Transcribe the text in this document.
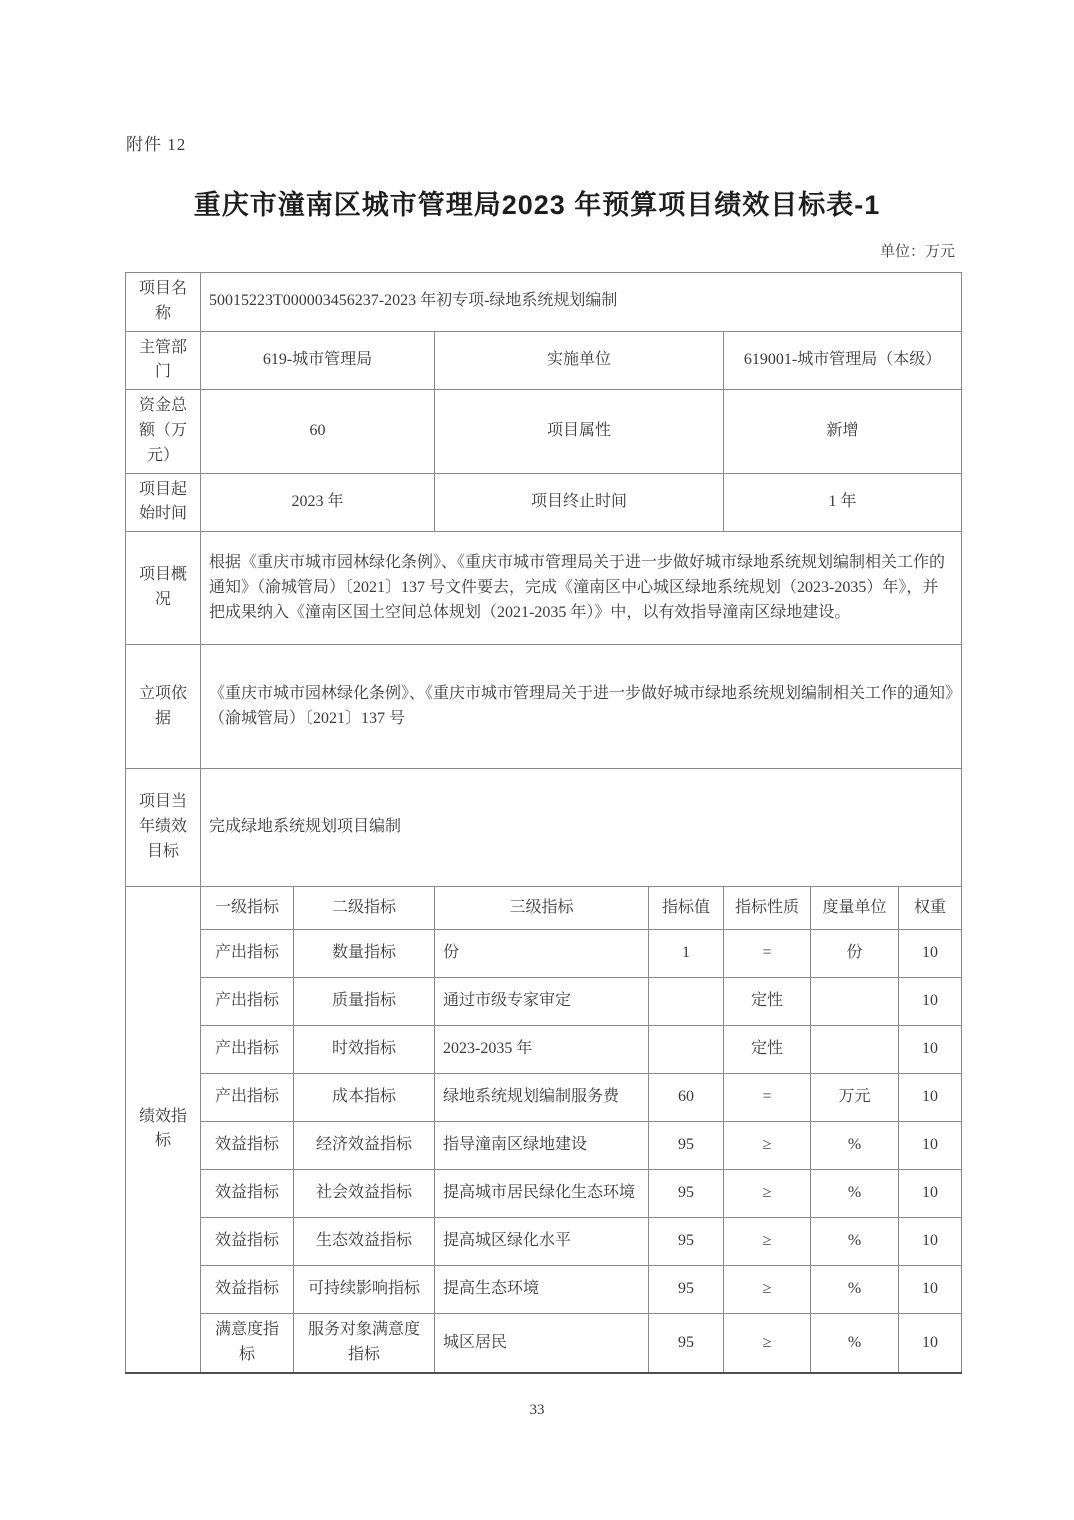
附件 12
重庆市潼南区城市管理局2023 年预算项目绩效目标表-1
单位：万元
项目名称	50015223T000003456237-2023 年初专项-绿地系统规划编制						
主管部门	619-城市管理局		实施单位		619001-城市管理局（本级）		
资金总额（万元）	60		项目属性		新增		
项目起始时间	2023 年		项目终止时间		1 年		
项目概况	根据《重庆市城市园林绿化条例》、《重庆市城市管理局关于进一步做好城市绿地系统规划编制相关工作的通知》（渝城管局）〔2021〕137 号文件要去，完成《潼南区中心城区绿地系统规划（2023-2035）年》，并把成果纳入《潼南区国土空间总体规划（2021-2035 年）》中，以有效指导潼南区绿地建设。						
立项依据	《重庆市城市园林绿化条例》、《重庆市城市管理局关于进一步做好城市绿地系统规划编制相关工作的通知》（渝城管局）〔2021〕137 号						
项目当年绩效目标	完成绿地系统规划项目编制						
绩效指标	一级指标	二级指标	三级指标	指标值	指标性质	度量单位	权重
	产出指标	数量指标	份	1	=	份	10
	产出指标	质量指标	通过市级专家审定		定性		10
	产出指标	时效指标	2023-2035 年		定性		10
	产出指标	成本指标	绿地系统规划编制服务费	60	=	万元	10
	效益指标	经济效益指标	指导潼南区绿地建设	95	≥	%	10
	效益指标	社会效益指标	提高城市居民绿化生态环境	95	≥	%	10
	效益指标	生态效益指标	提高城区绿化水平	95	≥	%	10
	效益指标	可持续影响指标	提高生态环境	95	≥	%	10
	满意度指标	服务对象满意度指标	城区居民	95	≥	%	10
33
